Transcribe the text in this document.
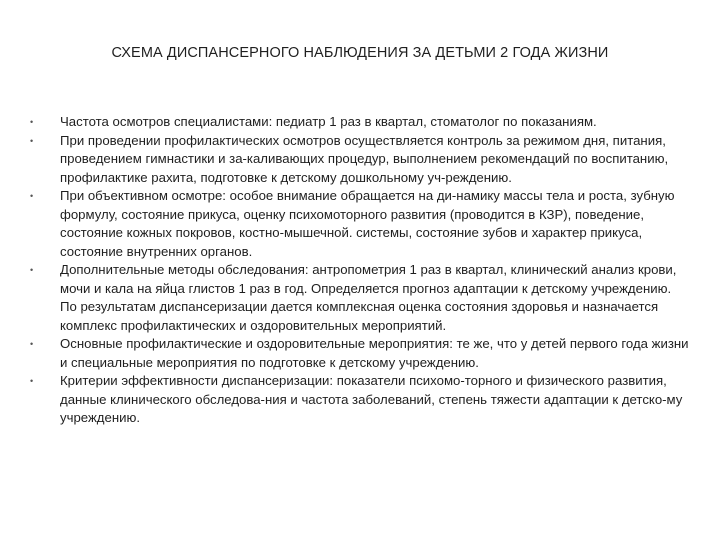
СХЕМА ДИСПАНСЕРНОГО НАБЛЮДЕНИЯ ЗА ДЕТЬМИ 2 ГОДА ЖИЗНИ
•	Частота осмотров специалистами: педиатр 1 раз в квартал, стоматолог по показаниям.
•	При проведении профилактических осмотров осуществляется контроль за режимом дня, питания, проведением гимнастики и за-каливающих процедур, выполнением рекомендаций по воспитанию, профилактике рахита, подготовке к детскому дошкольному уч-реждению.
•	При объективном осмотре: особое внимание обращается на ди-намику массы тела и роста, зубную формулу, состояние прикуса, оценку психомоторного развития (проводится в КЗР), поведение, состояние кожных покровов, костно-мышечной. системы, состояние зубов и характер прикуса, состояние внутренних органов.
•	Дополнительные методы обследования: антропометрия 1 раз в квартал, клинический анализ крови, мочи и кала на яйца глистов 1 раз в год. Определяется прогноз адаптации к детскому учреждению. По результатам диспансеризации дается комплексная оценка состояния здоровья и назначается комплекс профилактических и оздоровительных мероприятий.
•	Основные профилактические и оздоровительные мероприятия: те же, что у детей первого года жизни и специальные мероприятия по подготовке к детскому учреждению.
•	Критерии эффективности диспансеризации: показатели психомо-торного и физического развития, данные клинического обследова-ния и частота заболеваний, степень тяжести адаптации к детско-му учреждению.
